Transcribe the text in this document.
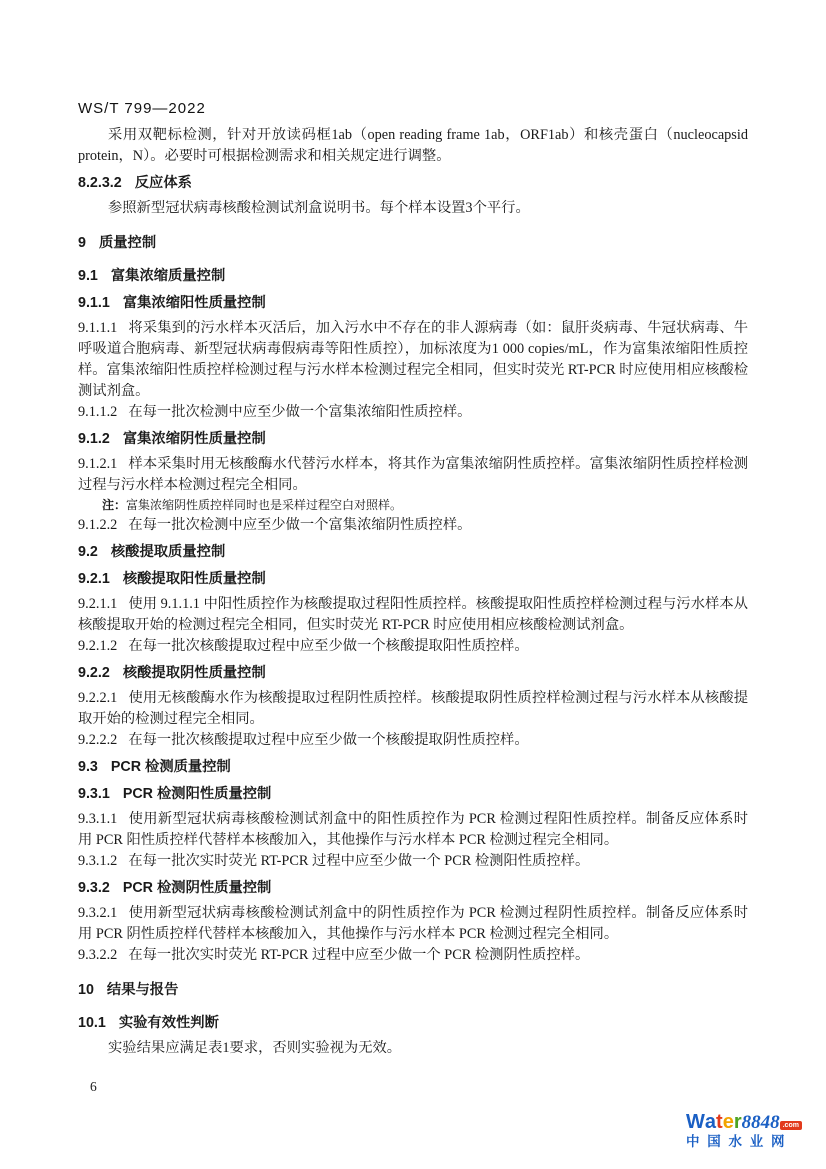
WS/T 799—2022

采用双靶标检测，针对开放读码框1ab（open reading frame 1ab，ORF1ab）和核壳蛋白（nucleocapsid protein，N）。必要时可根据检测需求和相关规定进行调整。

8.2.3.2 反应体系

参照新型冠状病毒核酸检测试剂盒说明书。每个样本设置3个平行。

9 质量控制
9.1 富集浓缩质量控制
9.1.1 富集浓缩阳性质量控制

9.1.1.1 将采集到的污水样本灭活后，加入污水中不存在的非人源病毒（如：鼠肝炎病毒、牛冠状病毒、牛呼吸道合胞病毒、新型冠状病毒假病毒等阳性质控），加标浓度为1 000 copies/mL，作为富集浓缩阳性质控样。富集浓缩阳性质控样检测过程与污水样本检测过程完全相同，但实时荧光 RT-PCR 时应使用相应核酸检测试剂盒。

9.1.1.2 在每一批次检测中应至少做一个富集浓缩阳性质控样。

9.1.2 富集浓缩阴性质量控制

9.1.2.1 样本采集时用无核酸酶水代替污水样本，将其作为富集浓缩阴性质控样。富集浓缩阴性质控样检测过程与污水样本检测过程完全相同。

注：富集浓缩阴性质控样同时也是采样过程空白对照样。

9.1.2.2 在每一批次检测中应至少做一个富集浓缩阴性质控样。

9.2 核酸提取质量控制
9.2.1 核酸提取阳性质量控制

9.2.1.1 使用 9.1.1.1 中阳性质控作为核酸提取过程阳性质控样。核酸提取阳性质控样检测过程与污水样本从核酸提取开始的检测过程完全相同，但实时荧光 RT-PCR 时应使用相应核酸检测试剂盒。

9.2.1.2 在每一批次核酸提取过程中应至少做一个核酸提取阳性质控样。

9.2.2 核酸提取阴性质量控制

9.2.2.1 使用无核酸酶水作为核酸提取过程阴性质控样。核酸提取阴性质控样检测过程与污水样本从核酸提取开始的检测过程完全相同。

9.2.2.2 在每一批次核酸提取过程中应至少做一个核酸提取阴性质控样。

9.3 PCR 检测质量控制
9.3.1 PCR 检测阳性质量控制

9.3.1.1 使用新型冠状病毒核酸检测试剂盒中的阳性质控作为 PCR 检测过程阳性质控样。制备反应体系时用 PCR 阳性质控样代替样本核酸加入，其他操作与污水样本 PCR 检测过程完全相同。

9.3.1.2 在每一批次实时荧光 RT-PCR 过程中应至少做一个 PCR 检测阳性质控样。

9.3.2 PCR 检测阴性质量控制

9.3.2.1 使用新型冠状病毒核酸检测试剂盒中的阴性质控作为 PCR 检测过程阴性质控样。制备反应体系时用 PCR 阴性质控样代替样本核酸加入，其他操作与污水样本 PCR 检测过程完全相同。

9.3.2.2 在每一批次实时荧光 RT-PCR 过程中应至少做一个 PCR 检测阴性质控样。

10 结果与报告
10.1 实验有效性判断

实验结果应满足表1要求，否则实验视为无效。

6
Water8848 .com
中 国 水 业 网
